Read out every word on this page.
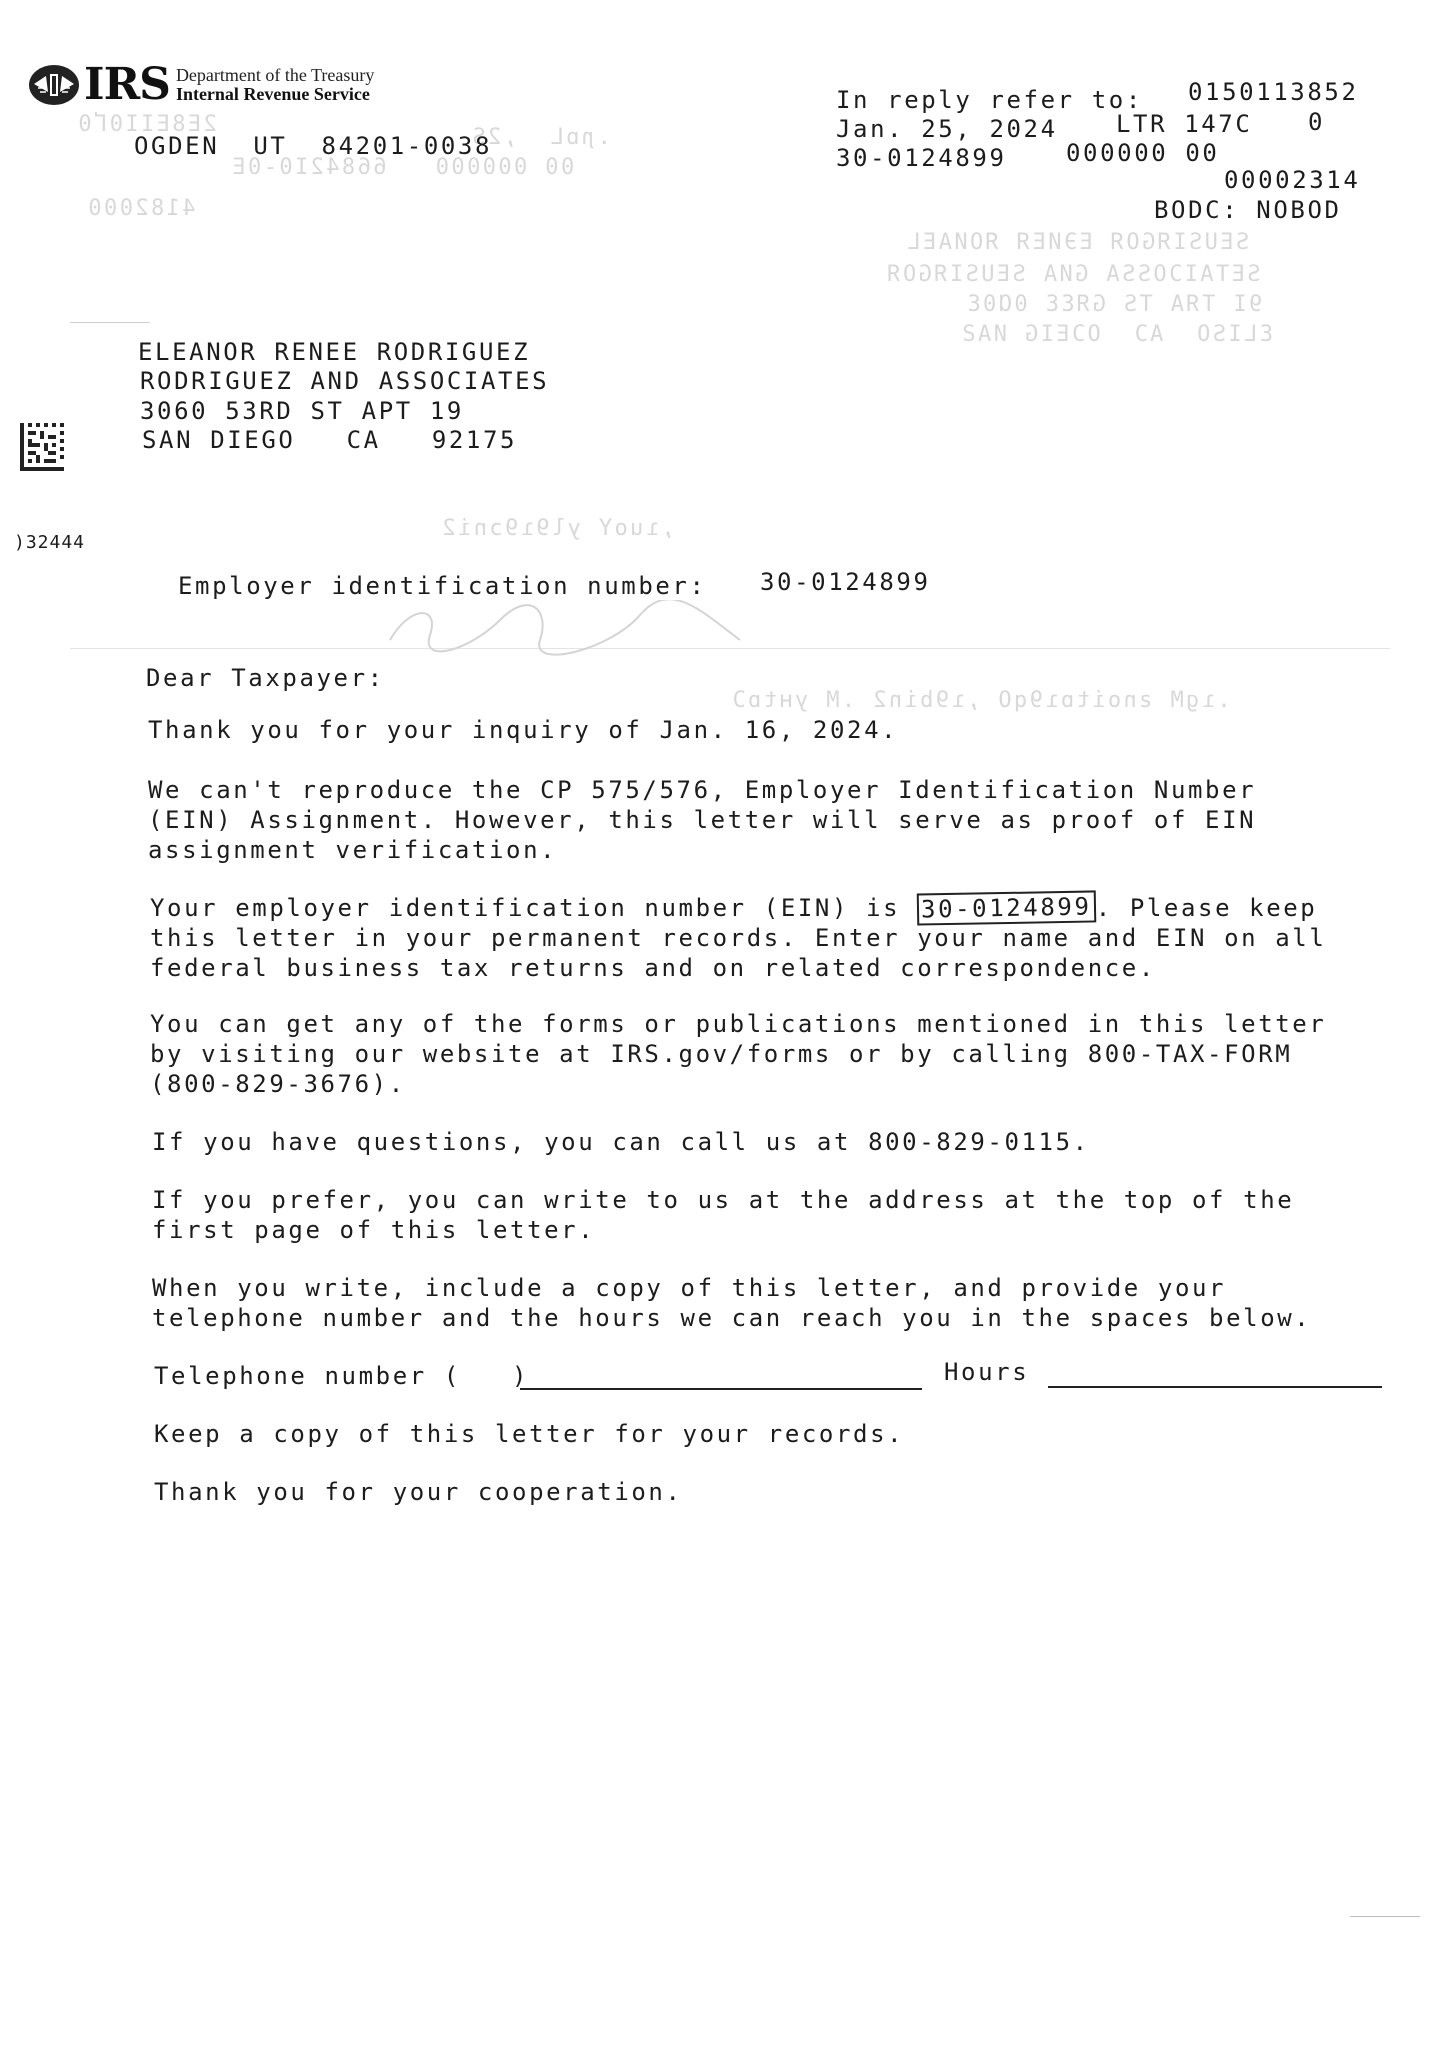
2E8ЕII0Ґ0
.ɲɒL  ,2S
00 000000   66842I0-0E
4182000
SEUSIЯGOЯ EЭИEЯ ЯOИAEL
SETAIƆOSSA GИA SEUSIЯGOЯ
9I TЯA TS GЯƐƐ 0Ɑ0Ɛ
ƐLISO  AƆ  OƆEIG ИAƧ
,ɿuoY yl9ɿ9ɔni2
.ɿɡM ƨnoitɒɿ9qO ,ɿ9bin2 .M yʜtɒƆ
IRS Department of the Treasury
Internal Revenue Service
OGDEN  UT  84201-0038
In reply refer to: 0150113852
Jan. 25, 2024 LTR 147C 0
30-0124899 000000 00
00002314
BODC: NOBOD
ELEANOR RENEE RODRIGUEZ
RODRIGUEZ AND ASSOCIATES
3060 53RD ST APT 19
SAN DIEGO   CA   92175
)32444
Employer identification number: 30-0124899
Dear Taxpayer:
Thank you for your inquiry of Jan. 16, 2024.
We can't reproduce the CP 575/576, Employer Identification Number
(EIN) Assignment. However, this letter will serve as proof of EIN
assignment verification.
Your employer identification number (EIN) is 30-0124899 . Please keep
this letter in your permanent records. Enter your name and EIN on all
federal business tax returns and on related correspondence.
You can get any of the forms or publications mentioned in this letter
by visiting our website at IRS.gov/forms or by calling 800-TAX-FORM
(800-829-3676).
If you have questions, you can call us at 800-829-0115.
If you prefer, you can write to us at the address at the top of the
first page of this letter.
When you write, include a copy of this letter, and provide your
telephone number and the hours we can reach you in the spaces below.
Telephone number (   )	Hours
Keep a copy of this letter for your records.
Thank you for your cooperation.
